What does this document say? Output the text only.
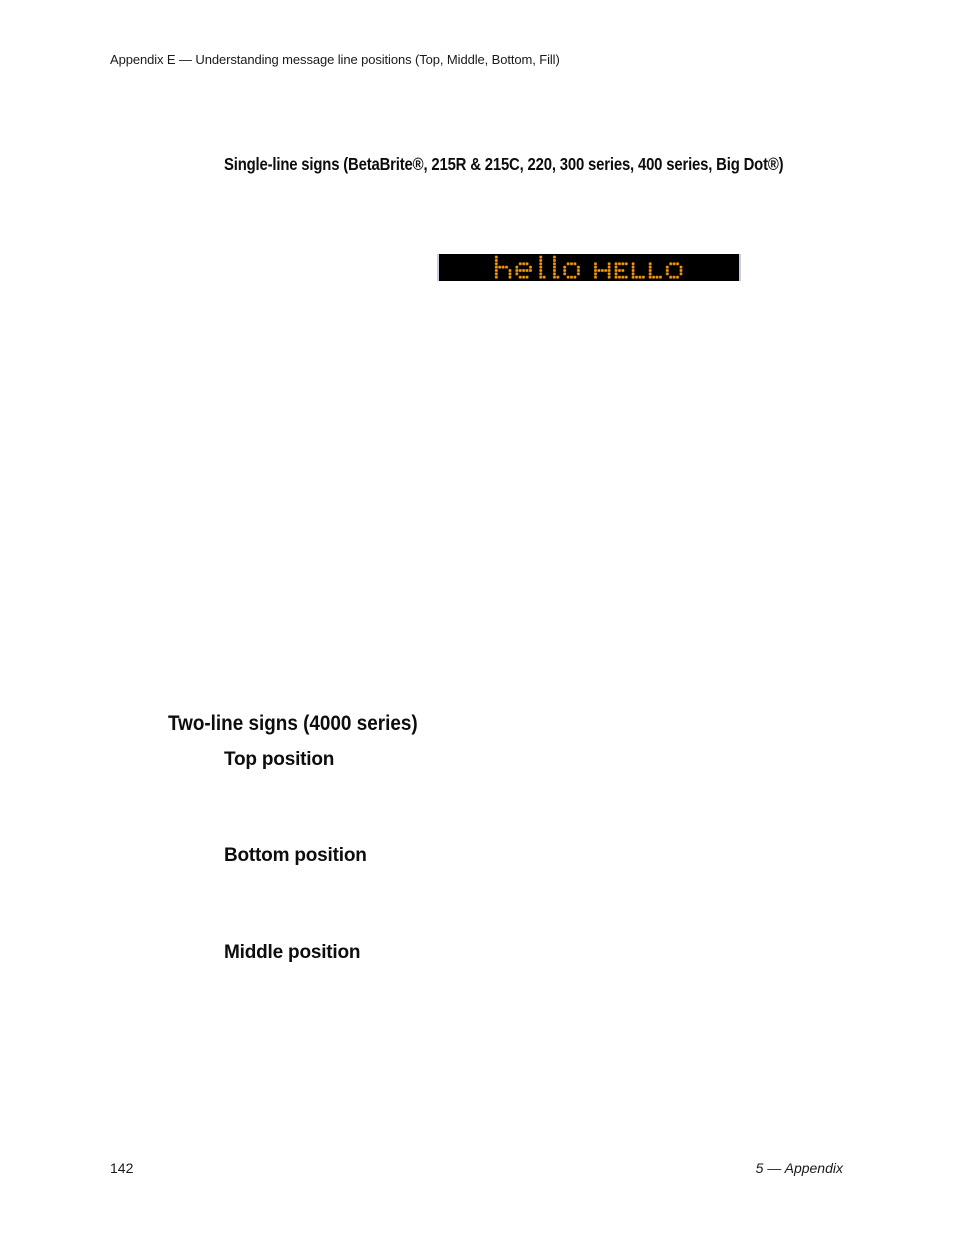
Appendix E — Understanding message line positions (Top, Middle, Bottom, Fill)
Single-line signs (BetaBrite®, 215R & 215C, 220, 300 series, 400 series, Big Dot®)
Two-line signs (4000 series)
Top position
Bottom position
Middle position
142	5 — Appendix
